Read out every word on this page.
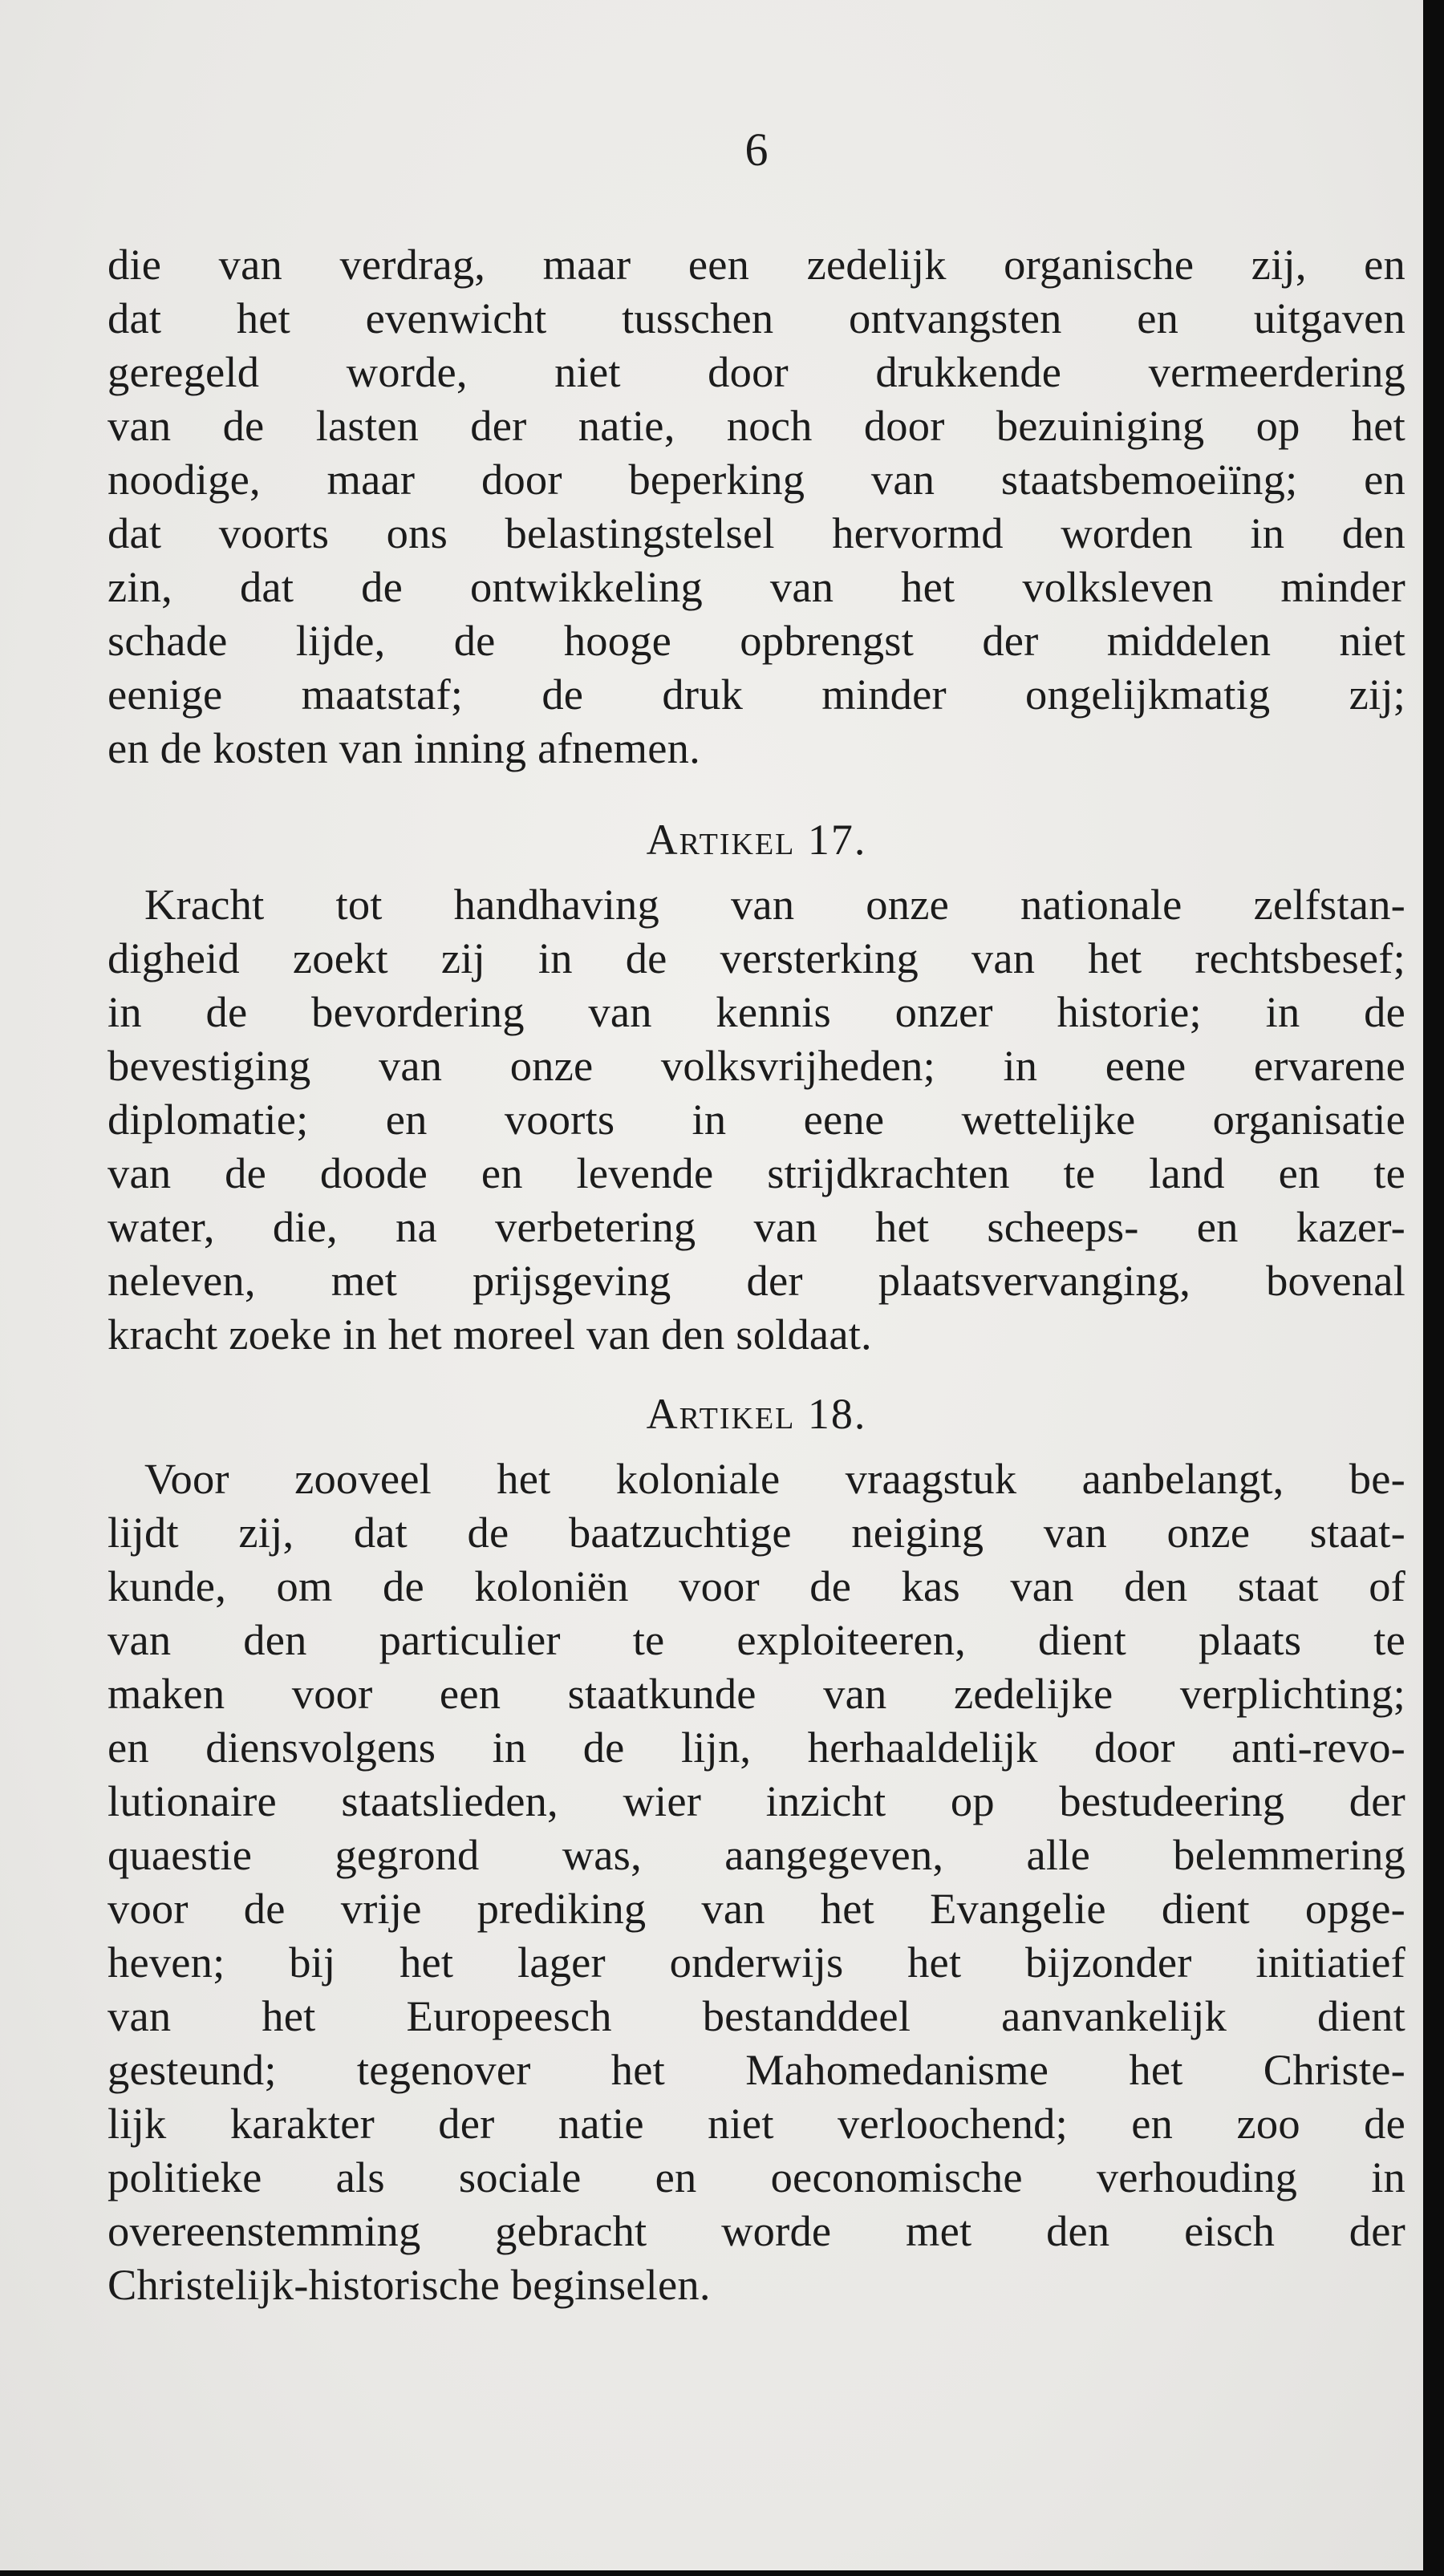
6
die van verdrag, maar een zedelijk organische zij, en
dat het evenwicht tusschen ontvangsten en uitgaven
geregeld worde, niet door drukkende vermeerdering
van de lasten der natie, noch door bezuiniging op het
noodige, maar door beperking van staatsbemoeiïng; en
dat voorts ons belastingstelsel hervormd worden in den
zin, dat de ontwikkeling van het volksleven minder
schade lijde, de hooge opbrengst der middelen niet
eenige maatstaf; de druk minder ongelijkmatig zij;
en de kosten van inning afnemen.
Artikel 17.
Kracht tot handhaving van onze nationale zelfstan-
digheid zoekt zij in de versterking van het rechtsbesef;
in de bevordering van kennis onzer historie; in de
bevestiging van onze volksvrijheden; in eene ervarene
diplomatie; en voorts in eene wettelijke organisatie
van de doode en levende strijdkrachten te land en te
water, die, na verbetering van het scheeps- en kazer-
neleven, met prijsgeving der plaatsvervanging, bovenal
kracht zoeke in het moreel van den soldaat.
Artikel 18.
Voor zooveel het koloniale vraagstuk aanbelangt, be-
lijdt zij, dat de baatzuchtige neiging van onze staat-
kunde, om de koloniën voor de kas van den staat of
van den particulier te exploiteeren, dient plaats te
maken voor een staatkunde van zedelijke verplichting;
en diensvolgens in de lijn, herhaaldelijk door anti-revo-
lutionaire staatslieden, wier inzicht op bestudeering der
quaestie gegrond was, aangegeven, alle belemmering
voor de vrije prediking van het Evangelie dient opge-
heven; bij het lager onderwijs het bijzonder initiatief
van het Europeesch bestanddeel aanvankelijk dient
gesteund; tegenover het Mahomedanisme het Christe-
lijk karakter der natie niet verloochend; en zoo de
politieke als sociale en oeconomische verhouding in
overeenstemming gebracht worde met den eisch der
Christelijk-historische beginselen.
